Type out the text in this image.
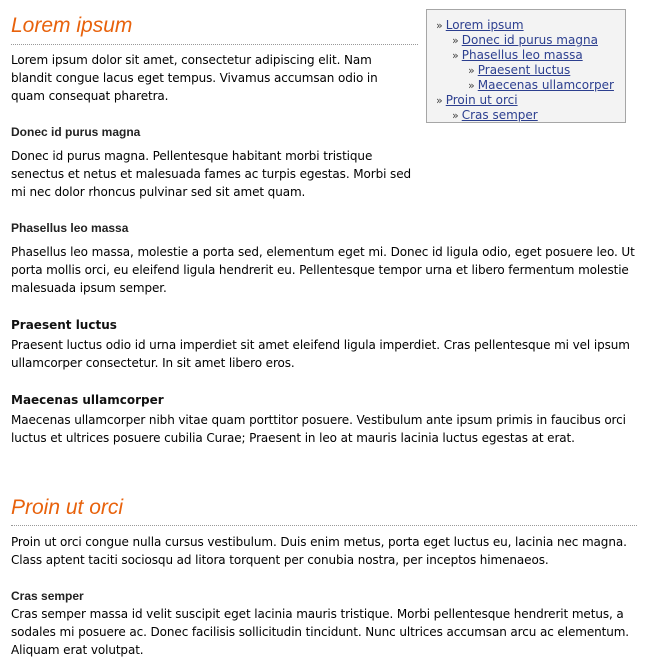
Lorem ipsum

Lorem ipsum dolor sit amet, consectetur adipiscing elit. Nam blandit congue lacus eget tempus. Vivamus accumsan odio in quam consequat pharetra.

Donec id purus magna

Donec id purus magna. Pellentesque habitant morbi tristique senectus et netus et malesuada fames ac turpis egestas. Morbi sed mi nec dolor rhoncus pulvinar sed sit amet quam.

Phasellus leo massa

Phasellus leo massa, molestie a porta sed, elementum eget mi. Donec id ligula odio, eget posuere leo. Ut porta mollis orci, eu eleifend ligula hendrerit eu. Pellentesque tempor urna et libero fermentum molestie malesuada ipsum semper.

Praesent luctus

Praesent luctus odio id urna imperdiet sit amet eleifend ligula imperdiet. Cras pellentesque mi vel ipsum ullamcorper consectetur. In sit amet libero eros.

Maecenas ullamcorper

Maecenas ullamcorper nibh vitae quam porttitor posuere. Vestibulum ante ipsum primis in faucibus orci luctus et ultrices posuere cubilia Curae; Praesent in leo at mauris lacinia luctus egestas at erat.

Proin ut orci

Proin ut orci congue nulla cursus vestibulum. Duis enim metus, porta eget luctus eu, lacinia nec magna. Class aptent taciti sociosqu ad litora torquent per conubia nostra, per inceptos himenaeos.

Cras semper

Cras semper massa id velit suscipit eget lacinia mauris tristique. Morbi pellentesque hendrerit metus, a sodales mi posuere ac. Donec facilisis sollicitudin tincidunt. Nunc ultrices accumsan arcu ac elementum. Aliquam erat volutpat.

» Lorem ipsum
» Donec id purus magna
» Phasellus leo massa
» Praesent luctus
» Maecenas ullamcorper
» Proin ut orci
» Cras semper
